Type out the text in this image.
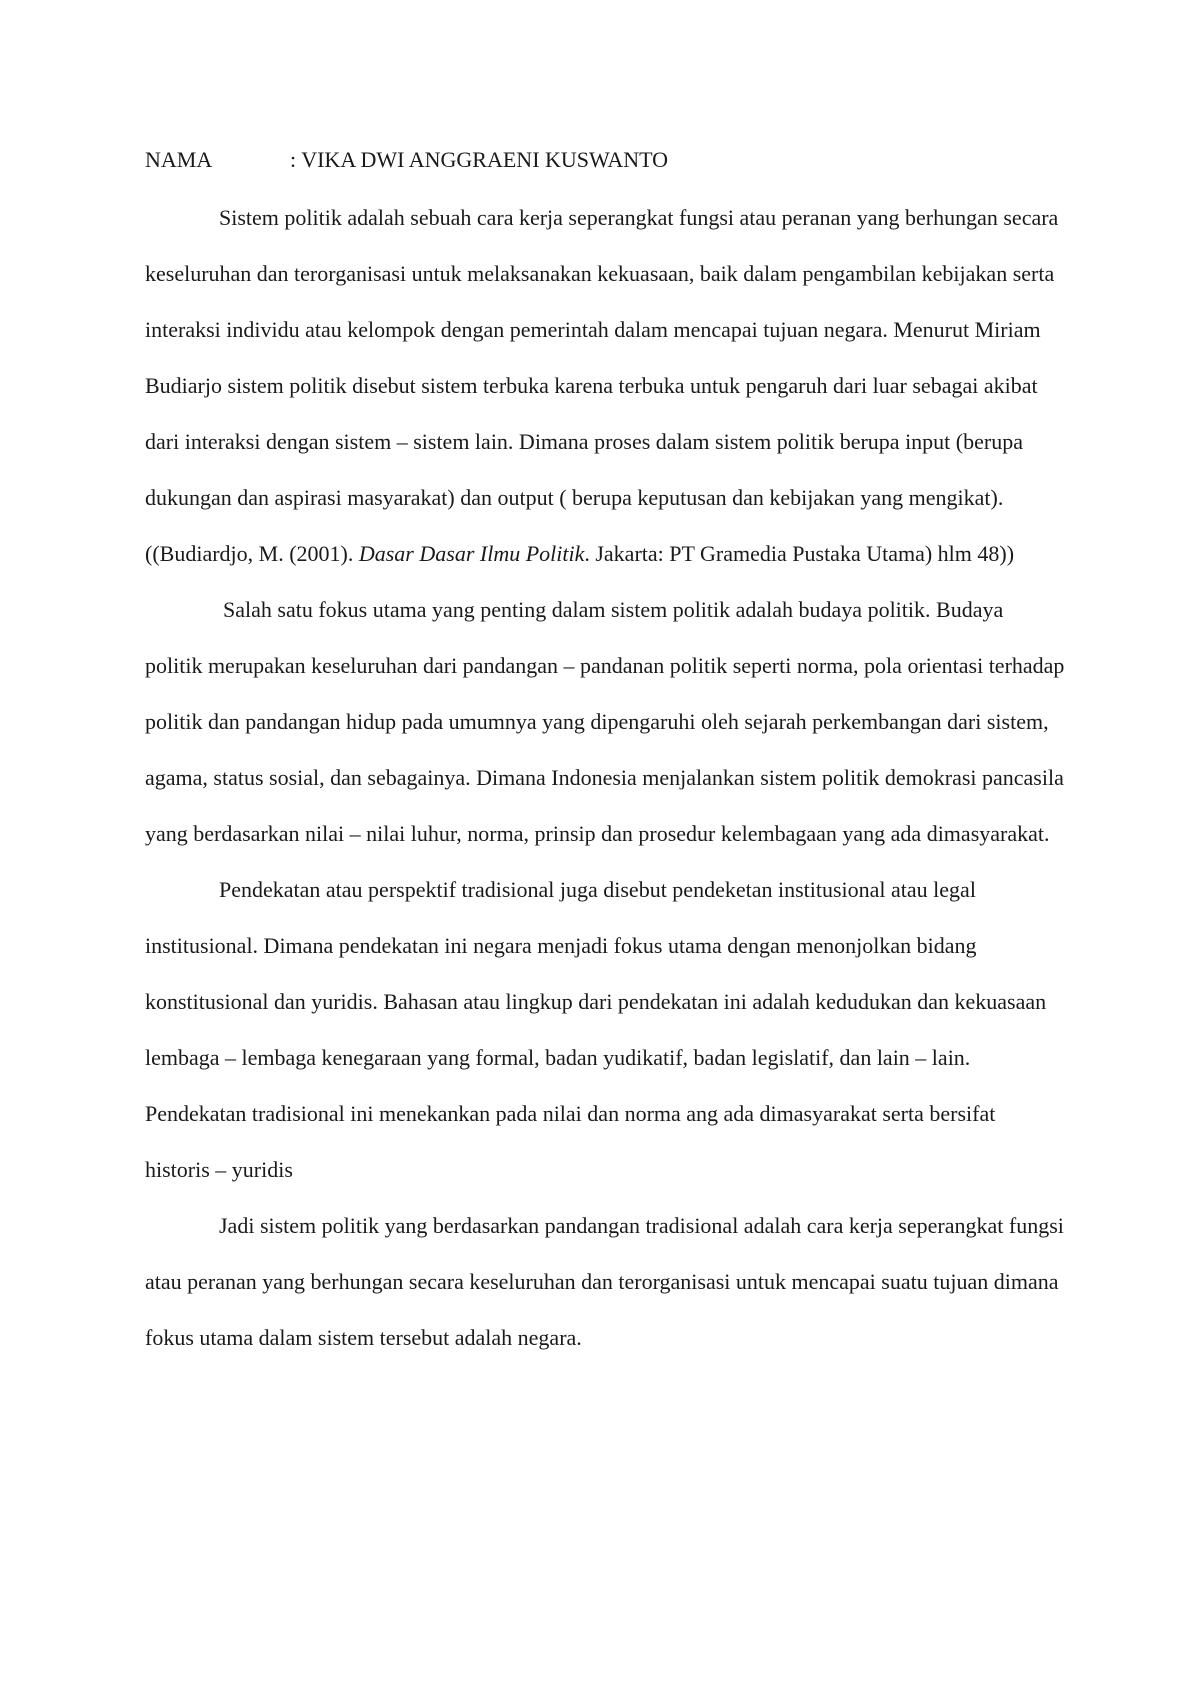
NAMA	: VIKA DWI ANGGRAENI KUSWANTO

Sistem politik adalah sebuah cara kerja seperangkat fungsi atau peranan yang berhungan secara keseluruhan dan terorganisasi untuk melaksanakan kekuasaan, baik dalam pengambilan kebijakan serta interaksi individu atau kelompok dengan pemerintah dalam mencapai tujuan negara. Menurut Miriam Budiarjo sistem politik disebut sistem terbuka karena terbuka untuk pengaruh dari luar sebagai akibat dari interaksi dengan sistem – sistem lain. Dimana proses dalam sistem politik berupa input (berupa dukungan dan aspirasi masyarakat) dan output ( berupa keputusan dan kebijakan yang mengikat). ((Budiardjo, M. (2001). Dasar Dasar Ilmu Politik. Jakarta: PT Gramedia Pustaka Utama) hlm 48))

Salah satu fokus utama yang penting dalam sistem politik adalah budaya politik. Budaya politik merupakan keseluruhan dari pandangan – pandanan politik seperti norma, pola orientasi terhadap politik dan pandangan hidup pada umumnya yang dipengaruhi oleh sejarah perkembangan dari sistem, agama, status sosial, dan sebagainya. Dimana Indonesia menjalankan sistem politik demokrasi pancasila yang berdasarkan nilai – nilai luhur, norma, prinsip dan prosedur kelembagaan yang ada dimasyarakat.

Pendekatan atau perspektif tradisional juga disebut pendeketan institusional atau legal institusional. Dimana pendekatan ini negara menjadi fokus utama dengan menonjolkan bidang konstitusional dan yuridis. Bahasan atau lingkup dari pendekatan ini adalah kedudukan dan kekuasaan lembaga – lembaga kenegaraan yang formal, badan yudikatif, badan legislatif, dan lain – lain. Pendekatan tradisional ini menekankan pada nilai dan norma ang ada dimasyarakat serta bersifat historis – yuridis

Jadi sistem politik yang berdasarkan pandangan tradisional adalah cara kerja seperangkat fungsi atau peranan yang berhungan secara keseluruhan dan terorganisasi untuk mencapai suatu tujuan dimana fokus utama dalam sistem tersebut adalah negara.
